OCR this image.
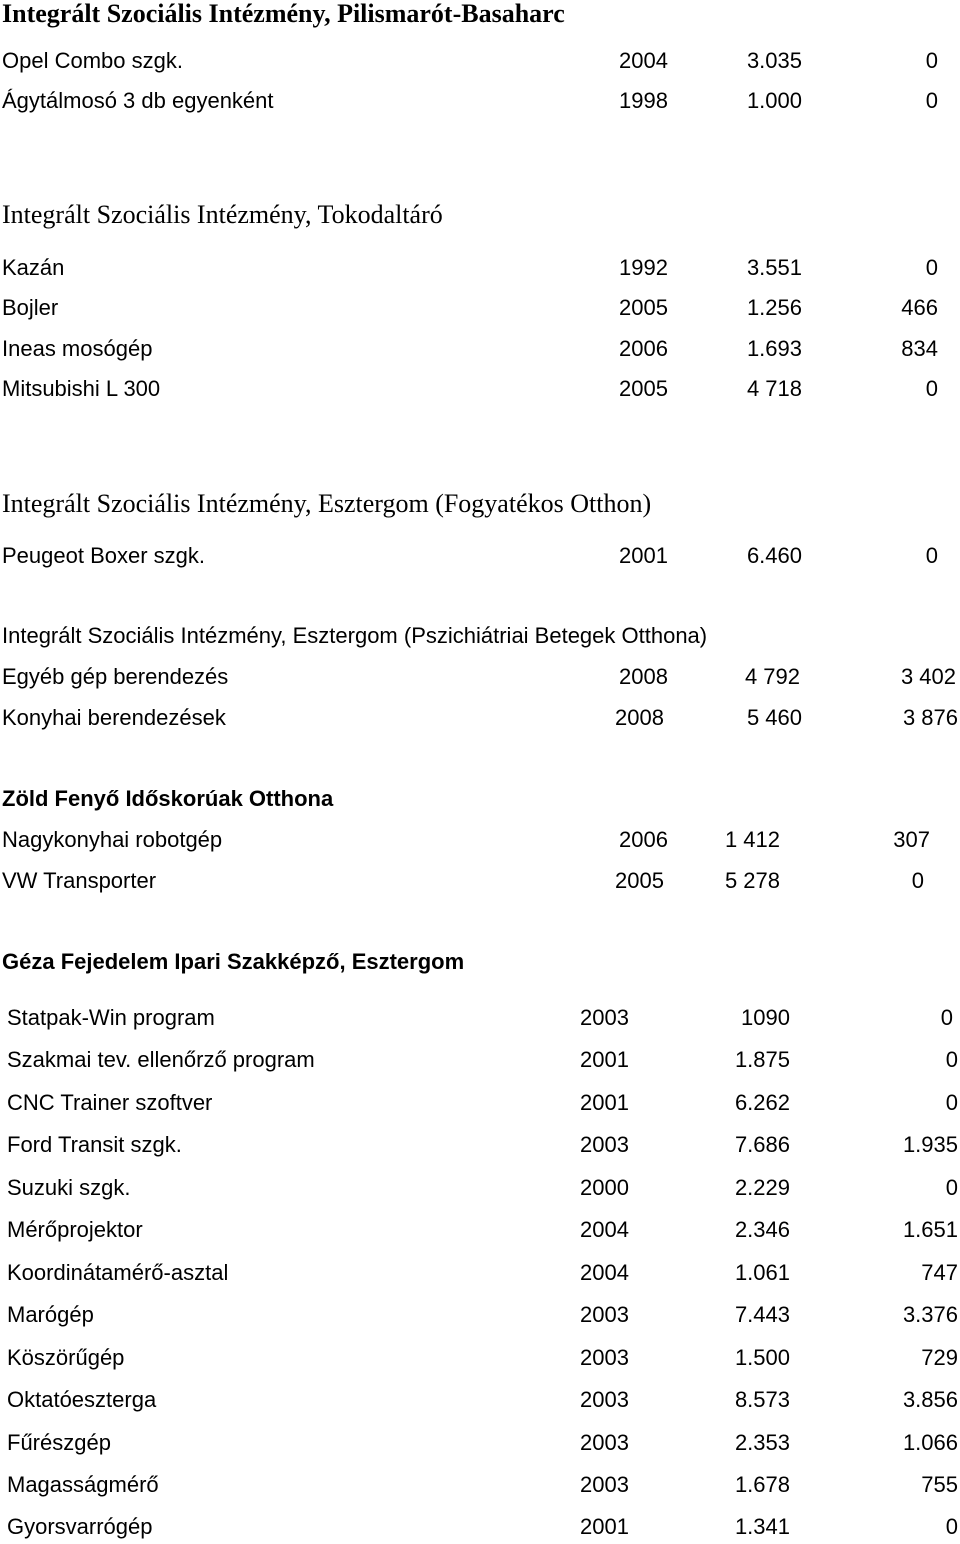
Integrált Szociális Intézmény, Pilismarót-Basaharc
Opel Combo szgk.	2004	3.035	0
Ágytálmosó 3 db egyenként	1998	1.000	0
Integrált Szociális Intézmény, Tokodaltáró
Kazán	1992	3.551	0
Bojler	2005	1.256	466
Ineas mosógép	2006	1.693	834
Mitsubishi L 300	2005	4 718	0
Integrált Szociális Intézmény, Esztergom (Fogyatékos Otthon)
Peugeot Boxer szgk.	2001	6.460	0
Integrált Szociális Intézmény, Esztergom (Pszichiátriai Betegek Otthona)
Egyéb gép berendezés	2008	4 792	3 402
Konyhai berendezések	2008	5 460	3 876
Zöld Fenyő Időskorúak Otthona
Nagykonyhai robotgép	2006	1 412	307
VW Transporter	2005	5 278	0
Géza Fejedelem Ipari Szakképző, Esztergom
Statpak-Win program	2003	1090	0
Szakmai tev. ellenőrző program	2001	1.875	0
CNC Trainer szoftver	2001	6.262	0
Ford Transit szgk.	2003	7.686	1.935
Suzuki szgk.	2000	2.229	0
Mérőprojektor	2004	2.346	1.651
Koordinátamérő-asztal	2004	1.061	747
Marógép	2003	7.443	3.376
Köszörűgép	2003	1.500	729
Oktatóeszterga	2003	8.573	3.856
Fűrészgép	2003	2.353	1.066
Magasságmérő	2003	1.678	755
Gyorsvarrógép	2001	1.341	0
